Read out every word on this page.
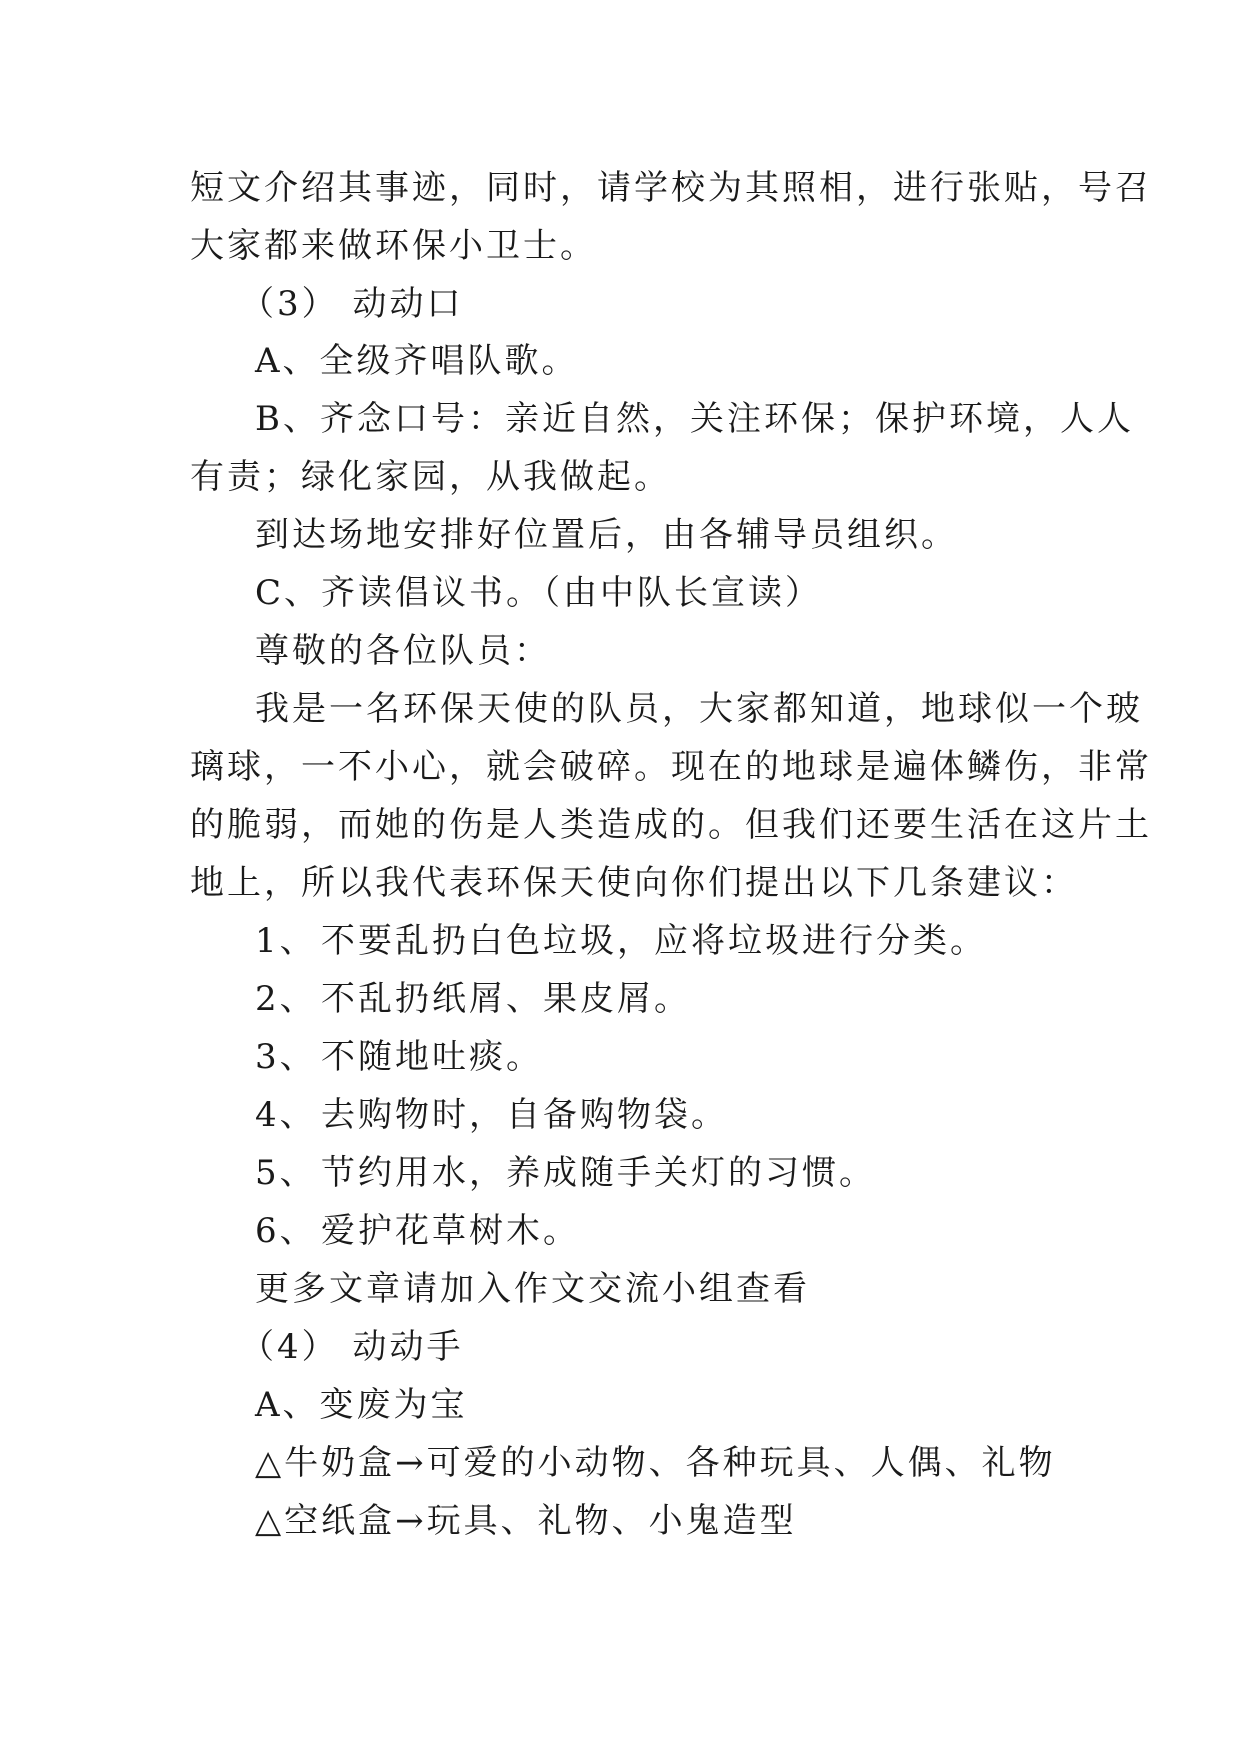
短文介绍其事迹，同时，请学校为其照相，进行张贴，号召
大家都来做环保小卫士。
（3） 动动口
A、全级齐唱队歌。
B、齐念口号：亲近自然，关注环保；保护环境，人人
有责；绿化家园，从我做起。
到达场地安排好位置后，由各辅导员组织。
C、齐读倡议书。（由中队长宣读）
尊敬的各位队员：
我是一名环保天使的队员，大家都知道，地球似一个玻
璃球，一不小心，就会破碎。现在的地球是遍体鳞伤，非常
的脆弱，而她的伤是人类造成的。但我们还要生活在这片土
地上，所以我代表环保天使向你们提出以下几条建议：
1、 不要乱扔白色垃圾，应将垃圾进行分类。
2、 不乱扔纸屑、果皮屑。
3、 不随地吐痰。
4、 去购物时，自备购物袋。
5、 节约用水，养成随手关灯的习惯。
6、 爱护花草树木。
更多文章请加入作文交流小组查看
（4） 动动手
A、变废为宝
△牛奶盒→可爱的小动物、各种玩具、人偶、礼物
△空纸盒→玩具、礼物、小鬼造型
